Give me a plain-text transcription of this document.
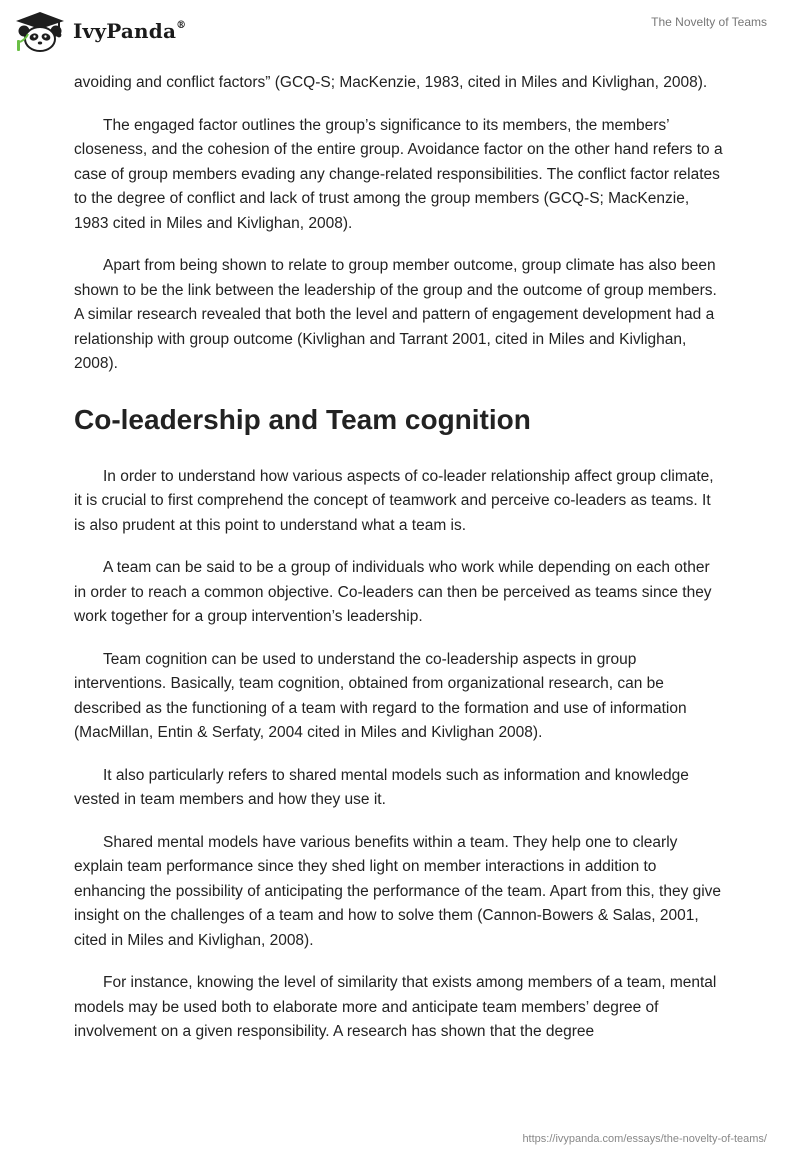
IvyPanda®	The Novelty of Teams

avoiding and conflict factors” (GCQ-S; MacKenzie, 1983, cited in Miles and Kivlighan, 2008).

The engaged factor outlines the group’s significance to its members, the members’ closeness, and the cohesion of the entire group. Avoidance factor on the other hand refers to a case of group members evading any change-related responsibilities. The conflict factor relates to the degree of conflict and lack of trust among the group members (GCQ-S; MacKenzie, 1983 cited in Miles and Kivlighan, 2008).

Apart from being shown to relate to group member outcome, group climate has also been shown to be the link between the leadership of the group and the outcome of group members. A similar research revealed that both the level and pattern of engagement development had a relationship with group outcome (Kivlighan and Tarrant 2001, cited in Miles and Kivlighan, 2008).

Co-leadership and Team cognition

In order to understand how various aspects of co-leader relationship affect group climate, it is crucial to first comprehend the concept of teamwork and perceive co-leaders as teams. It is also prudent at this point to understand what a team is.

A team can be said to be a group of individuals who work while depending on each other in order to reach a common objective. Co-leaders can then be perceived as teams since they work together for a group intervention’s leadership.

Team cognition can be used to understand the co-leadership aspects in group interventions. Basically, team cognition, obtained from organizational research, can be described as the functioning of a team with regard to the formation and use of information (MacMillan, Entin & Serfaty, 2004 cited in Miles and Kivlighan 2008).

It also particularly refers to shared mental models such as information and knowledge vested in team members and how they use it.

Shared mental models have various benefits within a team. They help one to clearly explain team performance since they shed light on member interactions in addition to enhancing the possibility of anticipating the performance of the team. Apart from this, they give insight on the challenges of a team and how to solve them (Cannon-Bowers & Salas, 2001, cited in Miles and Kivlighan, 2008).

For instance, knowing the level of similarity that exists among members of a team, mental models may be used both to elaborate more and anticipate team members’ degree of involvement on a given responsibility. A research has shown that the degree

https://ivypanda.com/essays/the-novelty-of-teams/
